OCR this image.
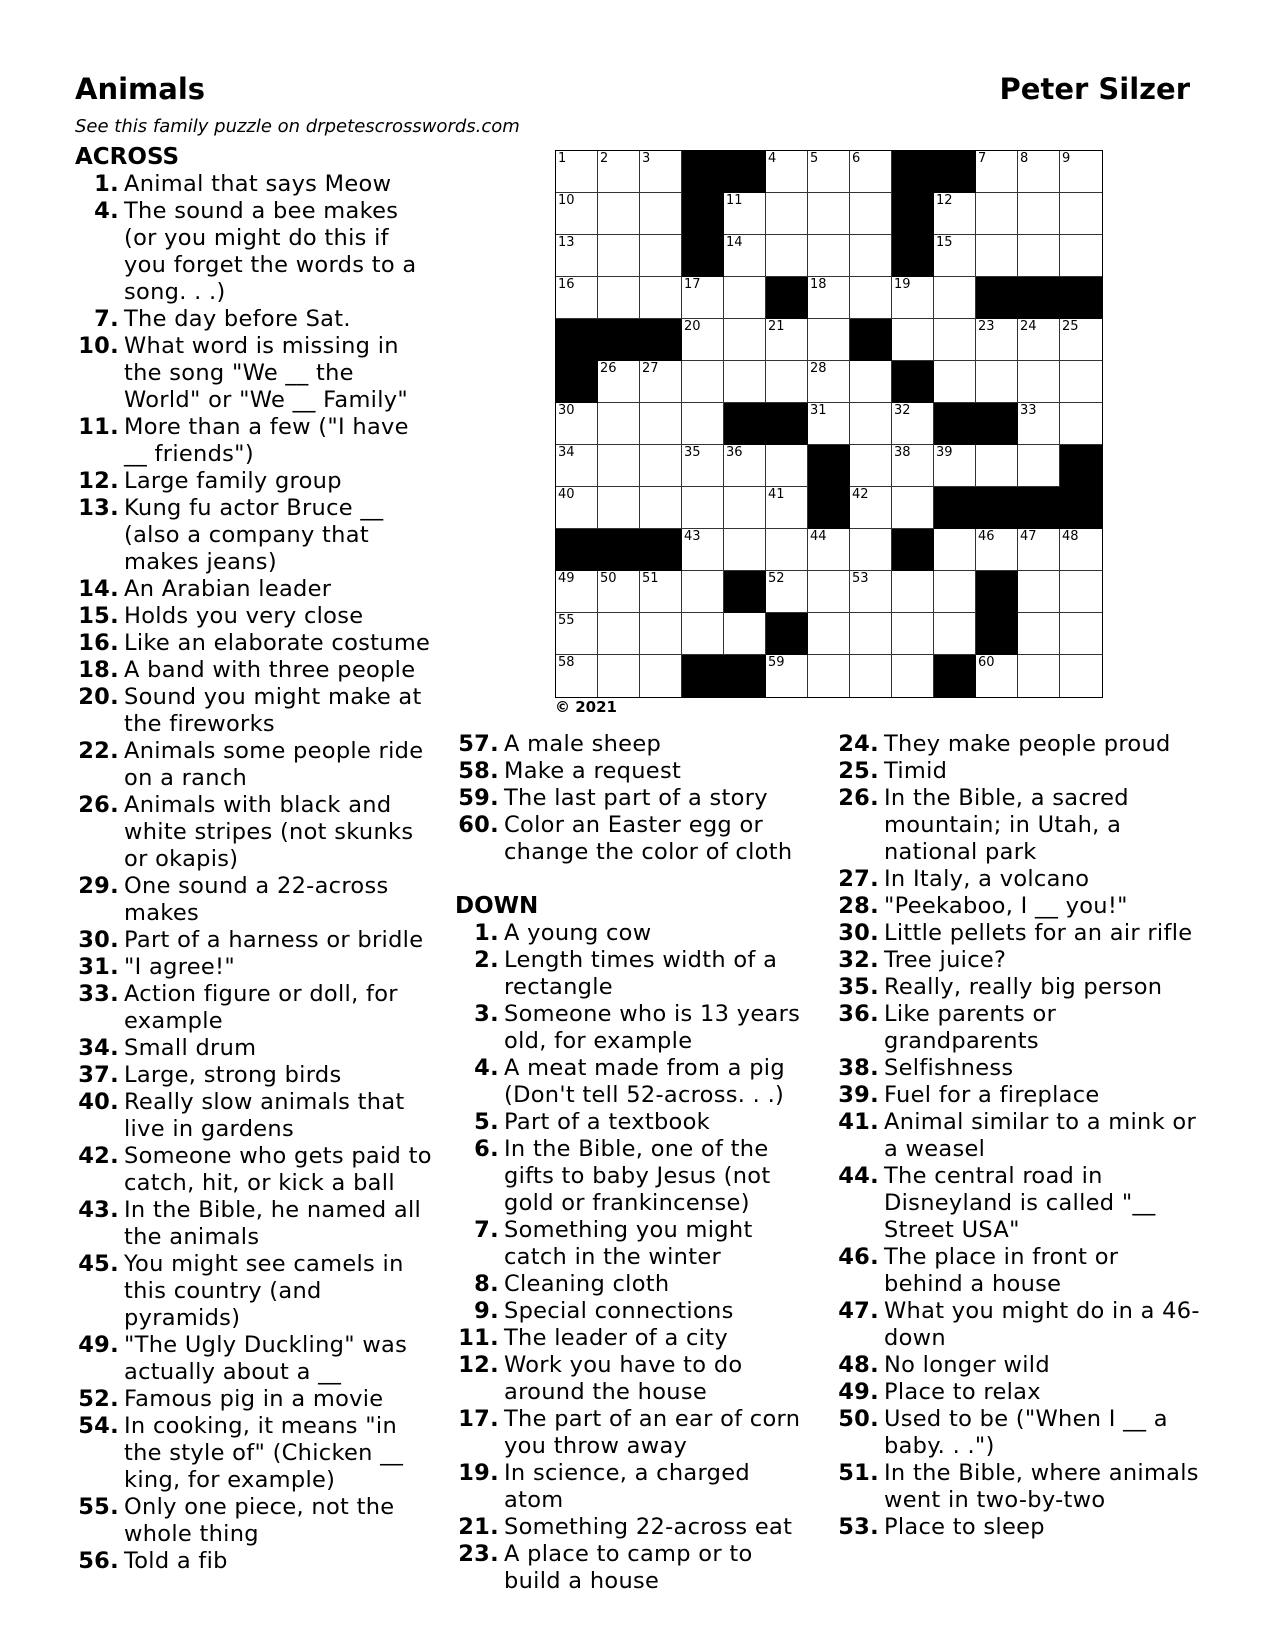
Animals	Peter Silzer
See this family puzzle on drpetescrosswords.com
ACROSS
1 . Animal that says Meow
4 . The sound a bee makes (or you might do this if you forget the words to a song. . .)
7 . The day before Sat.
10 . What word is missing in the song "We __ the World" or "We __ Family"
11 . More than a few ("I have __ friends")
12 . Large family group
13 . Kung fu actor Bruce __ (also a company that makes jeans)
14 . An Arabian leader
15 . Holds you very close
16 . Like an elaborate costume
18 . A band with three people
20 . Sound you might make at the fireworks
22 . Animals some people ride on a ranch
26 . Animals with black and white stripes (not skunks or okapis)
29 . One sound a 22-across makes
30 . Part of a harness or bridle
31 . "I agree!"
33 . Action figure or doll, for example
34 . Small drum
37 . Large, strong birds
40 . Really slow animals that live in gardens
42 . Someone who gets paid to catch, hit, or kick a ball
43 . In the Bible, he named all the animals
45 . You might see camels in this country (and pyramids)
49 . "The Ugly Duckling" was actually about a __
52 . Famous pig in a movie
54 . In cooking, it means "in the style of" (Chicken __ king, for example)
55 . Only one piece, not the whole thing
56 . Told a fib
1	2	3	4	5	6	7	8	9
10	11	12
13	14	15
16	17	18	19
20	21	22	23 24 25
26 27	28	29
30	31	32	33
34	35 36	37	38 39
40	41	42
43	44	45	46 47 48
49 50 51	52	53	54
55	56	57
58	59	60
© 2021
57 . A male sheep
58 . Make a request
59 . The last part of a story
60 . Color an Easter egg or change the color of cloth
DOWN
1 . A young cow
2 . Length times width of a rectangle
3 . Someone who is 13 years old, for example
4 . A meat made from a pig (Don't tell 52-across. . .)
5 . Part of a textbook
6 . In the Bible, one of the gifts to baby Jesus (not gold or frankincense)
7 . Something you might catch in the winter
8 . Cleaning cloth
9 . Special connections
11 . The leader of a city
12 . Work you have to do around the house
17 . The part of an ear of corn you throw away
19 . In science, a charged atom
21 . Something 22-across eat
23 . A place to camp or to build a house
24 . They make people proud
25 . Timid
26 . In the Bible, a sacred mountain; in Utah, a national park
27 . In Italy, a volcano
28 . "Peekaboo, I __ you!"
30 . Little pellets for an air rifle
32 . Tree juice?
35 . Really, really big person
36 . Like parents or grandparents
38 . Selfishness
39 . Fuel for a fireplace
41 . Animal similar to a mink or a weasel
44 . The central road in Disneyland is called "__ Street USA"
46 . The place in front or behind a house
47 . What you might do in a 46-down
48 . No longer wild
49 . Place to relax
50 . Used to be ("When I __ a baby. . .")
51 . In the Bible, where animals went in two-by-two
53 . Place to sleep
